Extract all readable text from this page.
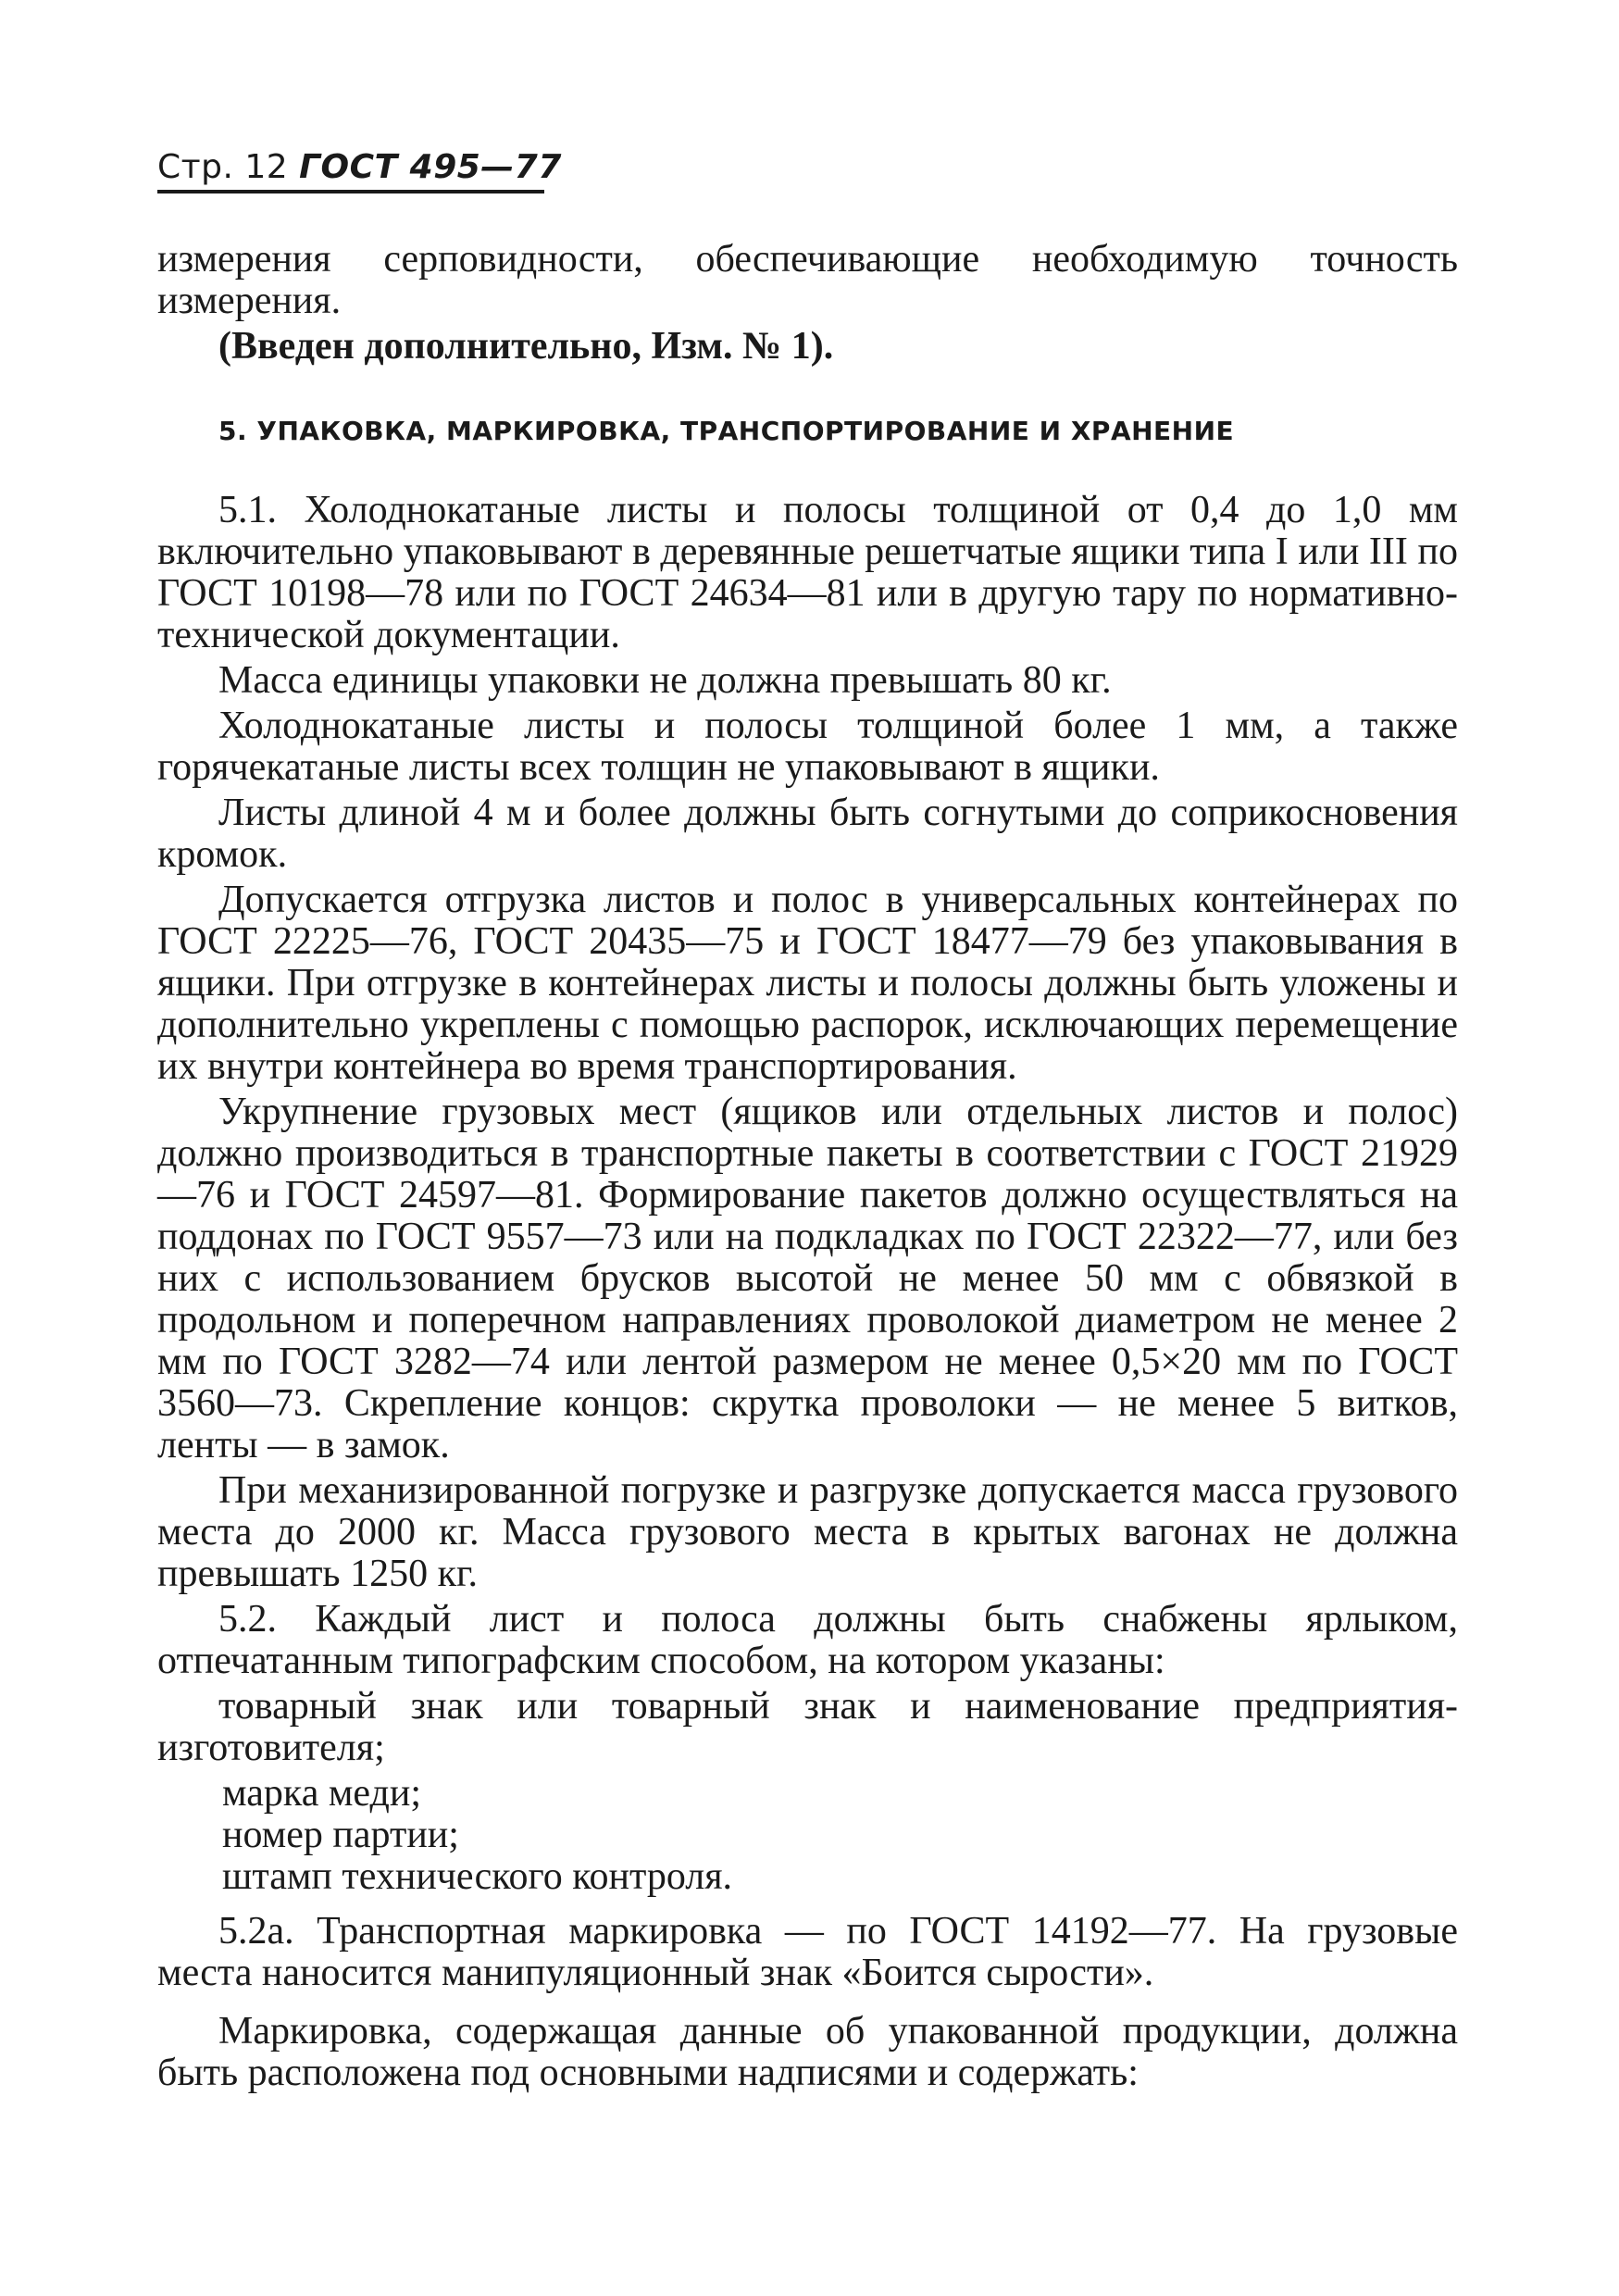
Стр. 12 ГОСТ 495—77

измерения серповидности, обеспечивающие необходимую точность измерения.

(Введен дополнительно, Изм. № 1).

5. УПАКОВКА, МАРКИРОВКА, ТРАНСПОРТИРОВАНИЕ И ХРАНЕНИЕ

5.1. Холоднокатаные листы и полосы толщиной от 0,4 до 1,0 мм включительно упаковывают в деревянные решетчатые ящики типа I или III по ГОСТ 10198—78 или по ГОСТ 24634—81 или в другую тару по нормативно-технической документации.

Масса единицы упаковки не должна превышать 80 кг.

Холоднокатаные листы и полосы толщиной более 1 мм, а также горячекатаные листы всех толщин не упаковывают в ящики.

Листы длиной 4 м и более должны быть согнутыми до соприкосновения кромок.

Допускается отгрузка листов и полос в универсальных контейнерах по ГОСТ 22225—76, ГОСТ 20435—75 и ГОСТ 18477—79 без упаковывания в ящики. При отгрузке в контейнерах листы и полосы должны быть уложены и дополнительно укреплены с помощью распорок, исключающих перемещение их внутри контейнера во время транспортирования.

Укрупнение грузовых мест (ящиков или отдельных листов и полос) должно производиться в транспортные пакеты в соответствии с ГОСТ 21929—76 и ГОСТ 24597—81. Формирование пакетов должно осуществляться на поддонах по ГОСТ 9557—73 или на подкладках по ГОСТ 22322—77, или без них с использованием брусков высотой не менее 50 мм с обвязкой в продольном и поперечном направлениях проволокой диаметром не менее 2 мм по ГОСТ 3282—74 или лентой размером не менее 0,5×20 мм по ГОСТ 3560—73. Скрепление концов: скрутка проволоки — не менее 5 витков, ленты — в замок.

При механизированной погрузке и разгрузке допускается масса грузового места до 2000 кг. Масса грузового места в крытых вагонах не должна превышать 1250 кг.

5.2. Каждый лист и полоса должны быть снабжены ярлыком, отпечатанным типографским способом, на котором указаны:

товарный знак или товарный знак и наименование предприятия-изготовителя;

марка меди;

номер партии;

штамп технического контроля.

5.2а. Транспортная маркировка — по ГОСТ 14192—77. На грузовые места наносится манипуляционный знак «Боится сырости».

Маркировка, содержащая данные об упакованной продукции, должна быть расположена под основными надписями и содержать:
